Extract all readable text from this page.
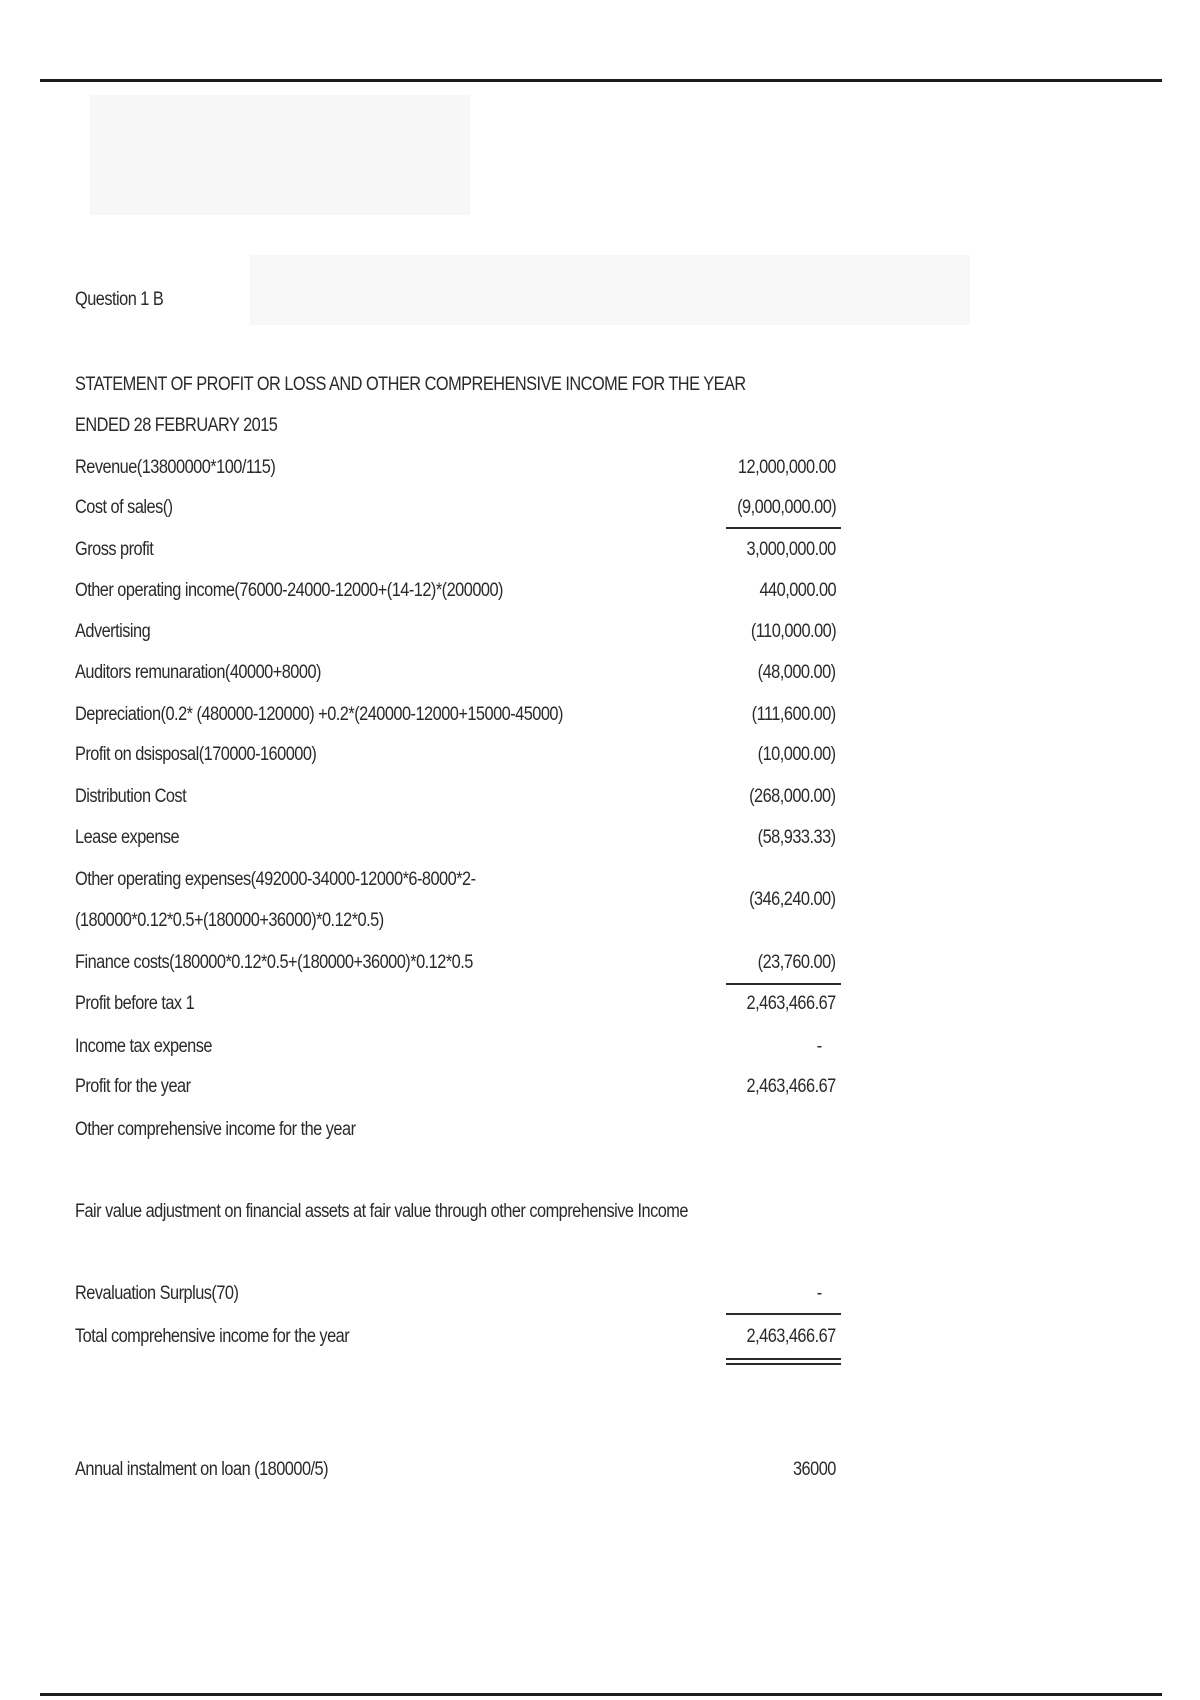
Question 1 B
STATEMENT OF PROFIT OR LOSS AND OTHER COMPREHENSIVE INCOME FOR THE YEAR
ENDED 28 FEBRUARY 2015
Revenue(13800000*100/115)	12,000,000.00
Cost of sales()	(9,000,000.00)
Gross profit	3,000,000.00
Other operating income(76000-24000-12000+(14-12)*(200000)	440,000.00
Advertising	(110,000.00)
Auditors remunaration(40000+8000)	(48,000.00)
Depreciation(0.2* (480000-120000) +0.2*(240000-12000+15000-45000)	(111,600.00)
Profit on dsisposal(170000-160000)	(10,000.00)
Distribution Cost	(268,000.00)
Lease expense	(58,933.33)
Other operating expenses(492000-34000-12000*6-8000*2-
(180000*0.12*0.5+(180000+36000)*0.12*0.5)
(346,240.00)
Finance costs(180000*0.12*0.5+(180000+36000)*0.12*0.5	(23,760.00)
Profit before tax 1	2,463,466.67
Income tax expense	-
Profit for the year	2,463,466.67
Other comprehensive income for the year
Fair value adjustment on financial assets at fair value through other comprehensive Income
Revaluation Surplus(70)	-
Total comprehensive income for the year	2,463,466.67
Annual instalment on loan (180000/5)	36000
